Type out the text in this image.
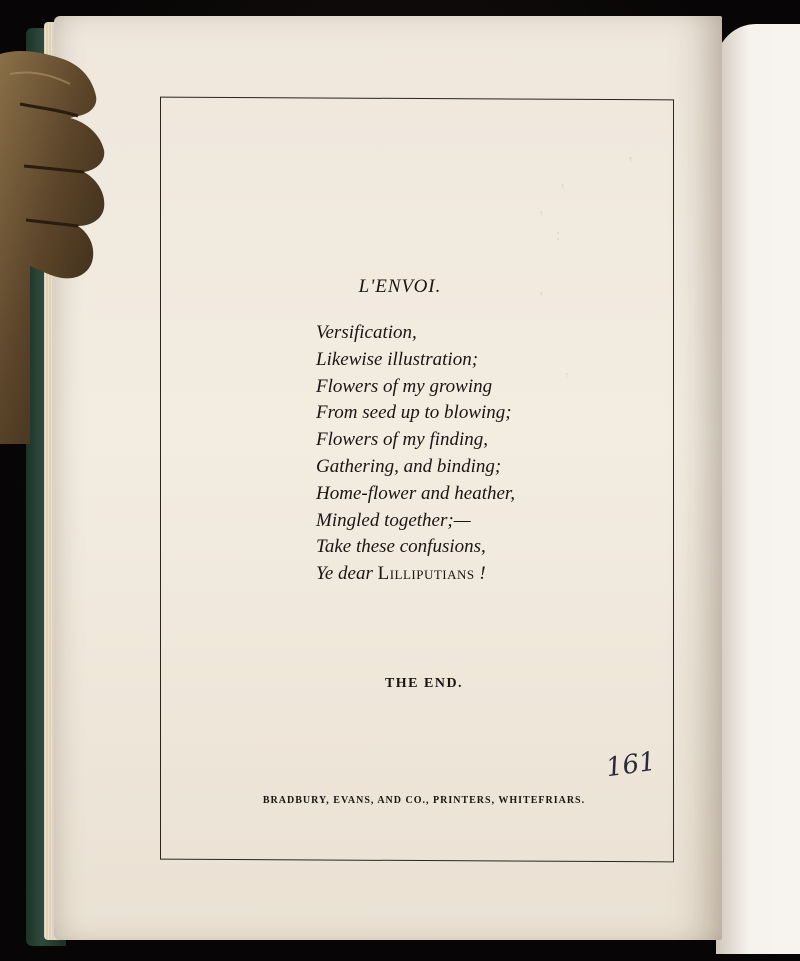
L'ENVOI.
Versification,
Likewise illustration;
Flowers of my growing
From seed up to blowing;
Flowers of my finding,
Gathering, and binding;
Home-flower and heather,
Mingled together;—
Take these confusions,
Ye dear Lilliputians !
THE END.
161
BRADBURY, EVANS, AND CO., PRINTERS, WHITEFRIARS.
